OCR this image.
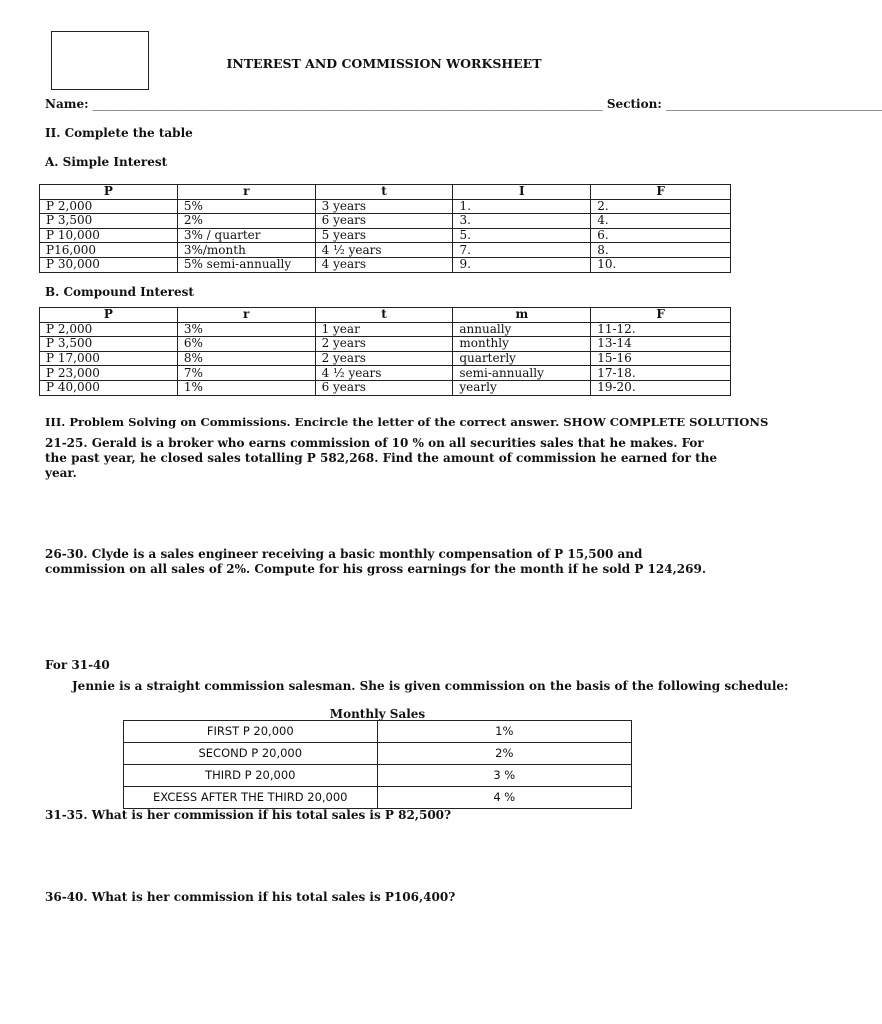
INTEREST AND COMMISSION WORKSHEET
Name: _____________________________________________________________________________________ Section: ____________________________________
II. Complete the table
A. Simple Interest
P	r	t	I	F
P 2,000	5%	3 years	1.	2.
P 3,500	2%	6 years	3.	4.
P 10,000	3% / quarter	5 years	5.	6.
P16,000	3%/month	4 ½ years	7.	8.
P 30,000	5% semi-annually	4 years	9.	10.
B. Compound Interest
P	r	t	m	F
P 2,000	3%	1 year	annually	11-12.
P 3,500	6%	2 years	monthly	13-14
P 17,000	8%	2 years	quarterly	15-16
P 23,000	7%	4 ½ years	semi-annually	17-18.
P 40,000	1%	6 years	yearly	19-20.
III. Problem Solving on Commissions. Encircle the letter of the correct answer. SHOW COMPLETE SOLUTIONS
21-25. Gerald is a broker who earns commission of 10 % on all securities sales that he makes. For the past year, he closed sales totalling P 582,268. Find the amount of commission he earned for the year.
26-30. Clyde is a sales engineer receiving a basic monthly compensation of P 15,500 and commission on all sales of 2%. Compute for his gross earnings for the month if he sold P 124,269.
For 31-40
Jennie is a straight commission salesman. She is given commission on the basis of the following schedule:
Monthly Sales
FIRST P 20,000	1%
SECOND P 20,000	2%
THIRD P 20,000	3 %
EXCESS AFTER THE THIRD 20,000	4 %
31-35. What is her commission if his total sales is P 82,500?
36-40. What is her commission if his total sales is P106,400?
